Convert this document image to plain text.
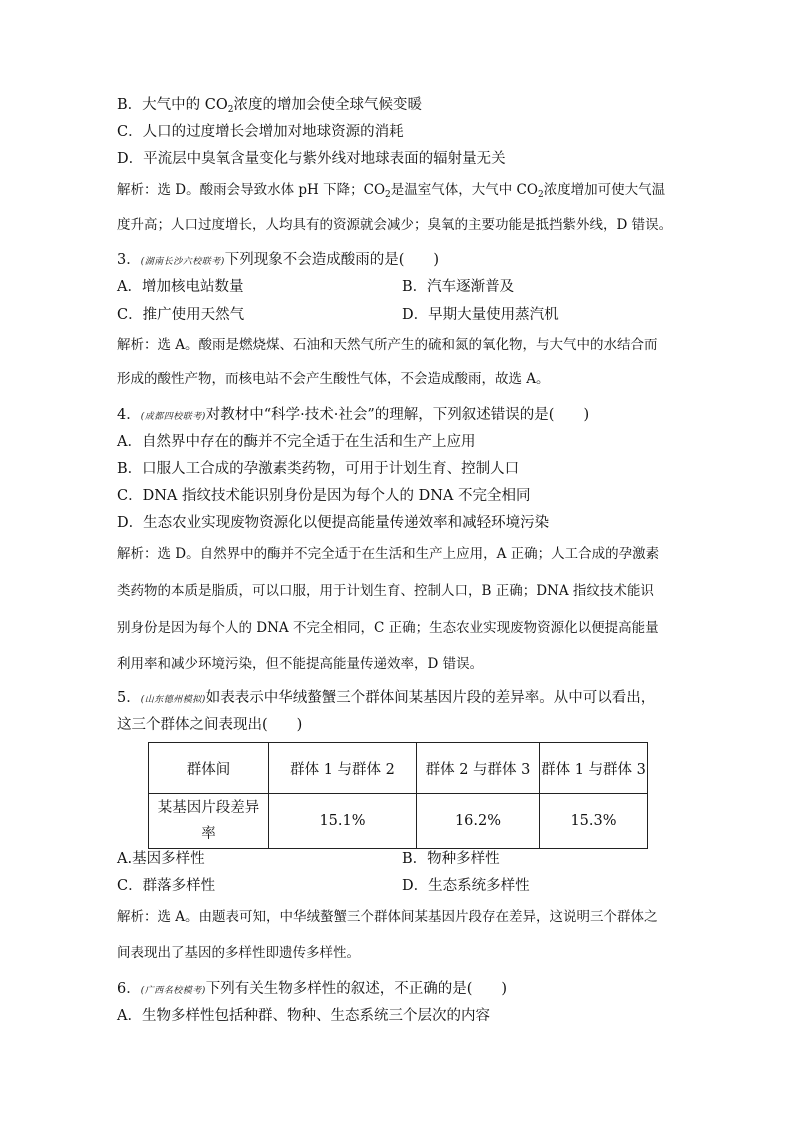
B．大气中的 $CO_2$浓度的增加会使全球气候变暖
C．人口的过度增长会增加对地球资源的消耗
D．平流层中臭氧含量变化与紫外线对地球表面的辐射量无关
解析：选 D。酸雨会导致水体 pH 下降；$CO_2$是温室气体，大气中 $CO_2$浓度增加可使大气温
度升高；人口过度增长，人均具有的资源就会减少；臭氧的主要功能是抵挡紫外线，D 错误。
3．(湖南长沙六校联考)下列现象不会造成酸雨的是(　　)
A．增加核电站数量	B．汽车逐渐普及
C．推广使用天然气	D．早期大量使用蒸汽机
解析：选 A。酸雨是燃烧煤、石油和天然气所产生的硫和氮的氧化物，与大气中的水结合而
形成的酸性产物，而核电站不会产生酸性气体，不会造成酸雨，故选 A。
4．(成都四校联考)对教材中“科学·技术·社会”的理解，下列叙述错误的是(　　)
A．自然界中存在的酶并不完全适于在生活和生产上应用
B．口服人工合成的孕激素类药物，可用于计划生育、控制人口
C．DNA 指纹技术能识别身份是因为每个人的 DNA 不完全相同
D．生态农业实现废物资源化以便提高能量传递效率和减轻环境污染
解析：选 D。自然界中的酶并不完全适于在生活和生产上应用，A 正确；人工合成的孕激素
类药物的本质是脂质，可以口服，用于计划生育、控制人口，B 正确；DNA 指纹技术能识
别身份是因为每个人的 DNA 不完全相同，C 正确；生态农业实现废物资源化以便提高能量
利用率和减少环境污染，但不能提高能量传递效率，D 错误。
5．(山东德州模拟)如表表示中华绒螯蟹三个群体间某基因片段的差异率。从中可以看出，
这三个群体之间表现出(　　)
群体间	群体 1 与群体 2	群体 2 与群体 3	群体 1 与群体 3
某基因片段差异
率	15.1%	16.2%	15.3%
A.基因多样性	B．物种多样性
C．群落多样性	D．生态系统多样性
解析：选 A。由题表可知，中华绒螯蟹三个群体间某基因片段存在差异，这说明三个群体之
间表现出了基因的多样性即遗传多样性。
6．(广西名校模考)下列有关生物多样性的叙述，不正确的是(　　)
A．生物多样性包括种群、物种、生态系统三个层次的内容
